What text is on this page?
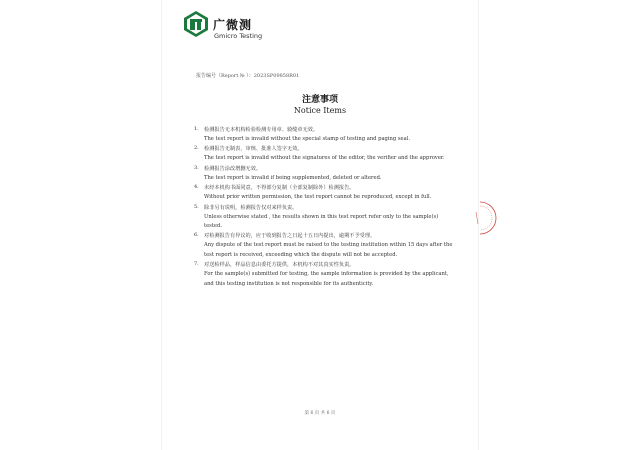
广微测
Gmicro Testing
报告编号（Report № ）：2023SP09858R01
注意事项
Notice Items
1. 检测报告无本机构检验检测专用章、骑缝章无效。
The test report is invalid without the special stamp of testing and paging seal.
2. 检测报告无制表、审核、批准人签字无效。
The test report is invalid without the signatures of the editor, the verifier and the approver.
3. 检测报告涂改增删无效。
The test report is invalid if being supplemented, deleted or altered.
4. 未经本机构书面同意，不得部分复制（全部复制除外）检测报告。
Without prior written permission, the test report cannot be reproduced, except in full.
5. 除非另有说明，检测报告仅对来样负责。
Unless otherwise stated , the results shown in this test report refer only to the sample(s) tested.
6. 对检测报告有异议的，应于收到报告之日起十五日内提出，逾期不予受理。
Any dispute of the test report must be raised to the testing institution within 15 days after the test report is received, exceeding which the dispute will not be accepted.
7. 对送检样品，样品信息由委托方提供，本机构不对其真实性负责。
For the sample(s) submitted for testing, the sample information is provided by the applicant, and this testing institution is not responsible for its authenticity.
第 6 页 共 6 页
